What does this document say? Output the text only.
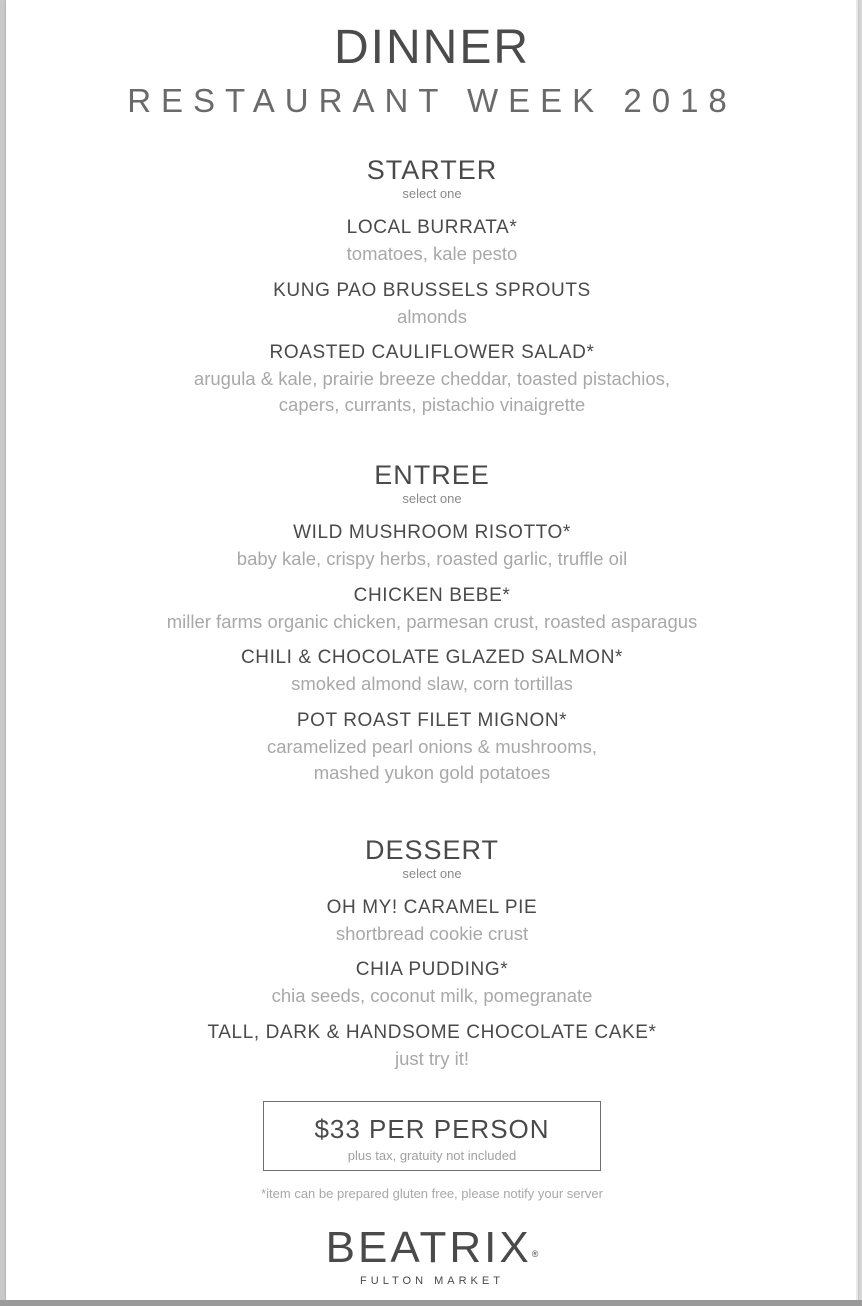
DINNER
RESTAURANT WEEK 2018
STARTER
select one
LOCAL BURRATA*
tomatoes, kale pesto
KUNG PAO BRUSSELS SPROUTS
almonds
ROASTED CAULIFLOWER SALAD*
arugula & kale, prairie breeze cheddar, toasted pistachios,
capers, currants, pistachio vinaigrette
ENTREE
select one
WILD MUSHROOM RISOTTO*
baby kale, crispy herbs, roasted garlic, truffle oil
CHICKEN BEBE*
miller farms organic chicken, parmesan crust, roasted asparagus
CHILI & CHOCOLATE GLAZED SALMON*
smoked almond slaw, corn tortillas
POT ROAST FILET MIGNON*
caramelized pearl onions & mushrooms,
mashed yukon gold potatoes
DESSERT
select one
OH MY! CARAMEL PIE
shortbread cookie crust
CHIA PUDDING*
chia seeds, coconut milk, pomegranate
TALL, DARK & HANDSOME CHOCOLATE CAKE*
just try it!
$33 PER PERSON
plus tax, gratuity not included
*item can be prepared gluten free, please notify your server
BEATRIX®
FULTON MARKET
